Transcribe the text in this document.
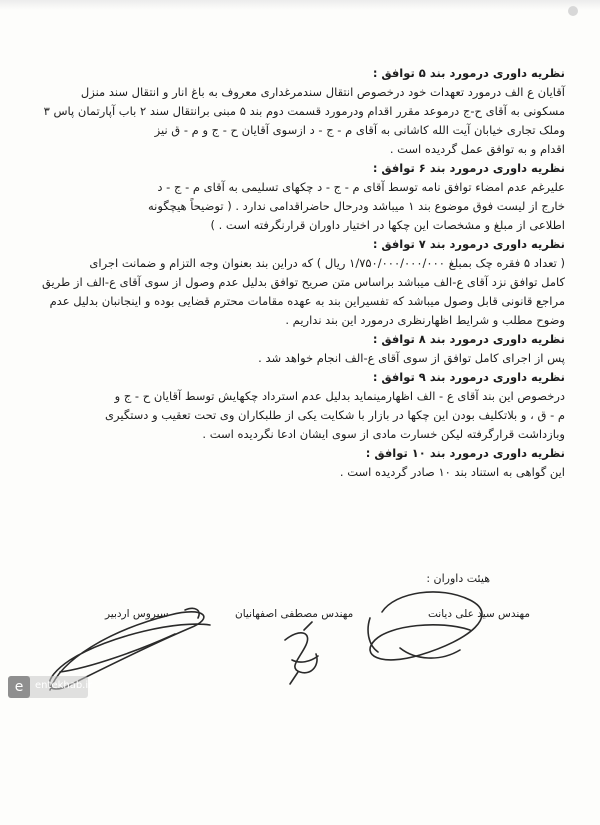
نظریه داوری درمورد بند ۵ توافق :

آقایان ع الف درمورد تعهدات خود درخصوص انتقال سندمرغداری معروف به باغ انار و انتقال سند منزل

مسکونی به آقای ح-ج درموعد مقرر اقدام ودرمورد قسمت دوم بند ۵ مبنی برانتقال سند ۲ باب آپارتمان پاس ۳

وملک تجاری خیابان آیت الله کاشانی به آقای م - ج - د ازسوی آقایان ح - ج و م - ق نیز

اقدام و به توافق عمل گردیده است .

نظریه داوری درمورد بند ۶ توافق :

علیرغم عدم امضاء توافق نامه توسط آقای م - ج - د چکهای تسلیمی به آقای م - ج - د

خارج از لیست فوق موضوع بند ۱ میباشد ودرحال حاضراقدامی ندارد . ( توضیحاً هیچگونه

اطلاعی از مبلغ و مشخصات این چکها در اختیار داوران قرارنگرفته است . )

نظریه داوری درمورد بند ۷ توافق :

( تعداد ۵ فقره چک بمبلغ ۱/۷۵۰/۰۰۰/۰۰۰/۰۰۰ ریال ) که دراین بند بعنوان وجه التزام و ضمانت اجرای

کامل توافق نزد آقای ع-الف میباشد براساس متن صریح توافق بدلیل عدم وصول از سوی آقای ع-الف از طریق

مراجع قانونی قابل وصول میباشد که تفسیراین بند به عهده مقامات محترم قضایی بوده و اینجانبان بدلیل عدم

وضوح مطلب و شرایط اظهارنظری درمورد این بند نداریم .

نظریه داوری درمورد بند ۸ توافق :

پس از اجرای کامل توافق از سوی آقای ع-الف انجام خواهد شد .

نظریه داوری درمورد بند ۹ توافق :

درخصوص این بند آقای ع - الف اظهارمینماید بدلیل عدم استرداد چکهایش توسط آقایان ح - ج و

م - ق ، و بلاتکلیف بودن این چکها در بازار با شکایت یکی از طلبکاران وی تحت تعقیب و دستگیری

وبازداشت قرارگرفته لیکن خسارت مادی از سوی ایشان ادعا نگردیده است .

نظریه داوری درمورد بند ۱۰ توافق :

این گواهی به استناد بند ۱۰ صادر گردیده است .

هیئت داوران :
مهندس سید علی دیانت
مهندس مصطفی اصفهانیان
سیروس اردبیر
e	entekhab.ir
